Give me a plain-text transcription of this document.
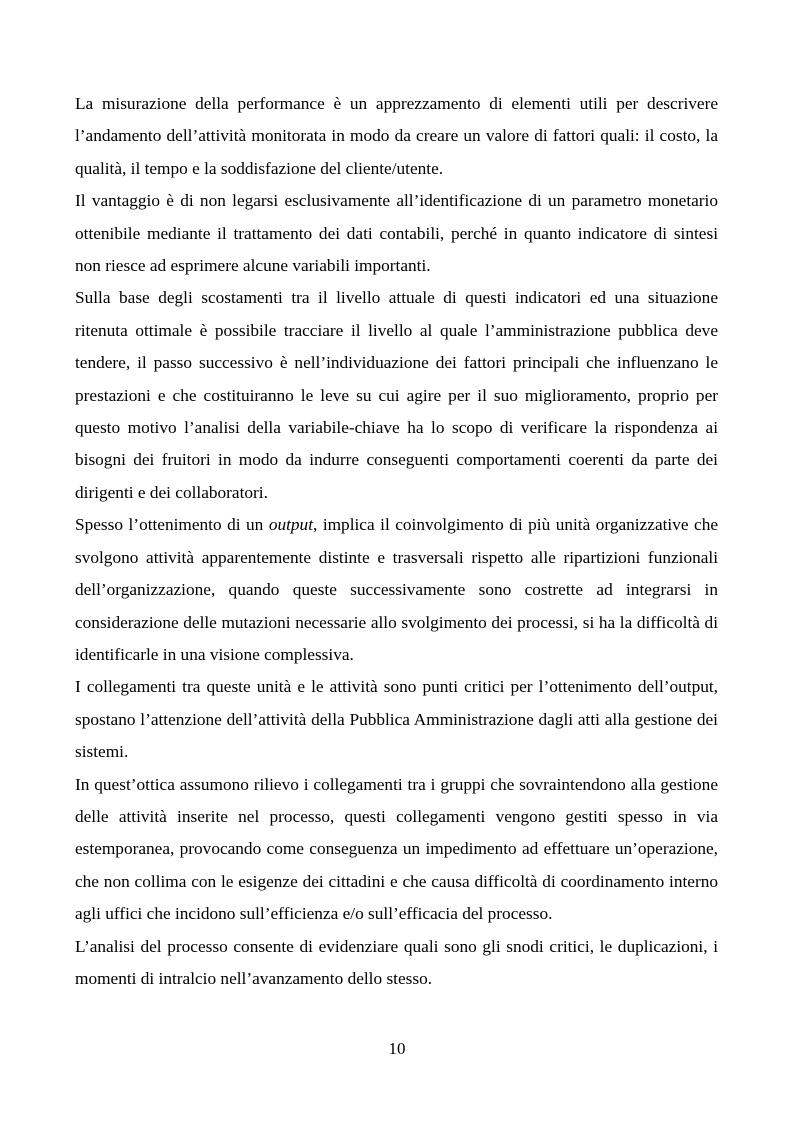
La misurazione della performance è un apprezzamento di elementi utili per descrivere l’andamento dell’attività monitorata in modo da creare un valore di fattori quali: il costo, la qualità, il tempo e la soddisfazione del cliente/utente.

Il vantaggio è di non legarsi esclusivamente all’identificazione di un parametro monetario ottenibile mediante il trattamento dei dati contabili, perché in quanto indicatore di sintesi non riesce ad esprimere alcune variabili importanti.

Sulla base degli scostamenti tra il livello attuale di questi indicatori ed una situazione ritenuta ottimale è possibile tracciare il livello al quale l’amministrazione pubblica deve tendere, il passo successivo è nell’individuazione dei fattori principali che influenzano le prestazioni e che costituiranno le leve su cui agire per il suo miglioramento, proprio per questo motivo l’analisi della variabile-chiave ha lo scopo di verificare la rispondenza ai bisogni dei fruitori in modo da indurre conseguenti comportamenti coerenti da parte dei dirigenti e dei collaboratori.

Spesso l’ottenimento di un output, implica il coinvolgimento di più unità organizzative che svolgono attività apparentemente distinte e trasversali rispetto alle ripartizioni funzionali dell’organizzazione, quando queste successivamente sono costrette ad integrarsi in considerazione delle mutazioni necessarie allo svolgimento dei processi, si ha la difficoltà di identificarle in una visione complessiva.

I collegamenti tra queste unità e le attività sono punti critici per l’ottenimento dell’output, spostano l’attenzione dell’attività della Pubblica Amministrazione dagli atti alla gestione dei sistemi.

In quest’ottica assumono rilievo i collegamenti tra i gruppi che sovraintendono alla gestione delle attività inserite nel processo, questi collegamenti vengono gestiti spesso in via estemporanea, provocando come conseguenza un impedimento ad effettuare un’operazione, che non collima con le esigenze dei cittadini e che causa difficoltà di coordinamento interno agli uffici che incidono sull’efficienza e/o sull’efficacia del processo.

L’analisi del processo consente di evidenziare quali sono gli snodi critici, le duplicazioni, i momenti di intralcio nell’avanzamento dello stesso.

10
